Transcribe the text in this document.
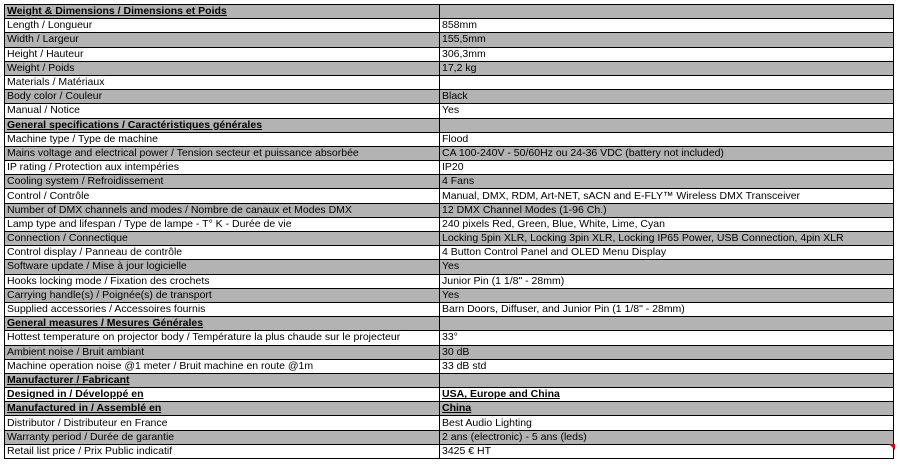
Weight & Dimensions / Dimensions et Poids	
Length / Longueur	858mm
Width / Largeur	155,5mm
Height / Hauteur	306,3mm
Weight / Poids	17,2 kg
Materials / Matériaux	
Body color / Couleur	Black
Manual / Notice	Yes
General specifications / Caractéristiques générales	
Machine type / Type de machine	Flood
Mains voltage and electrical power / Tension secteur et puissance absorbée	CA 100-240V - 50/60Hz ou 24-36 VDC (battery not included)
IP rating / Protection aux intempéries	IP20
Cooling system / Refroidissement	4 Fans
Control / Contrôle	Manual, DMX, RDM, Art-NET, sACN and E-FLY™ Wireless DMX Transceiver
Number of DMX channels and modes / Nombre de canaux et Modes DMX	12 DMX Channel Modes (1-96 Ch.)
Lamp type and lifespan / Type de lampe - T° K - Durée de vie	240 pixels Red, Green, Blue, White, Lime, Cyan
Connection / Connectique	Locking 5pin XLR, Locking 3pin XLR, Locking IP65 Power, USB Connection, 4pin XLR
Control display / Panneau de contrôle	4 Button Control Panel and OLED Menu Display
Software update / Mise à jour logicielle	Yes
Hooks locking mode / Fixation des crochets	Junior Pin (1 1/8" - 28mm)
Carrying handle(s) / Poignée(s) de transport	Yes
Supplied accessories / Accessoires fournis	Barn Doors, Diffuser, and Junior Pin (1 1/8" - 28mm)
General measures / Mesures Générales	
Hottest temperature on projector body / Température la plus chaude sur le projecteur	33°
Ambient noise / Bruit ambiant	30 dB
Machine operation noise @1 meter / Bruit machine en route @1m	33 dB std
Manufacturer / Fabricant	
Designed in / Développé en	USA, Europe and China
Manufactured in / Assemblé en	China
Distributor / Distributeur en France	Best Audio Lighting
Warranty period / Durée de garantie	2 ans (electronic) - 5 ans (leds)
Retail list price / Prix Public indicatif	3425 € HT
